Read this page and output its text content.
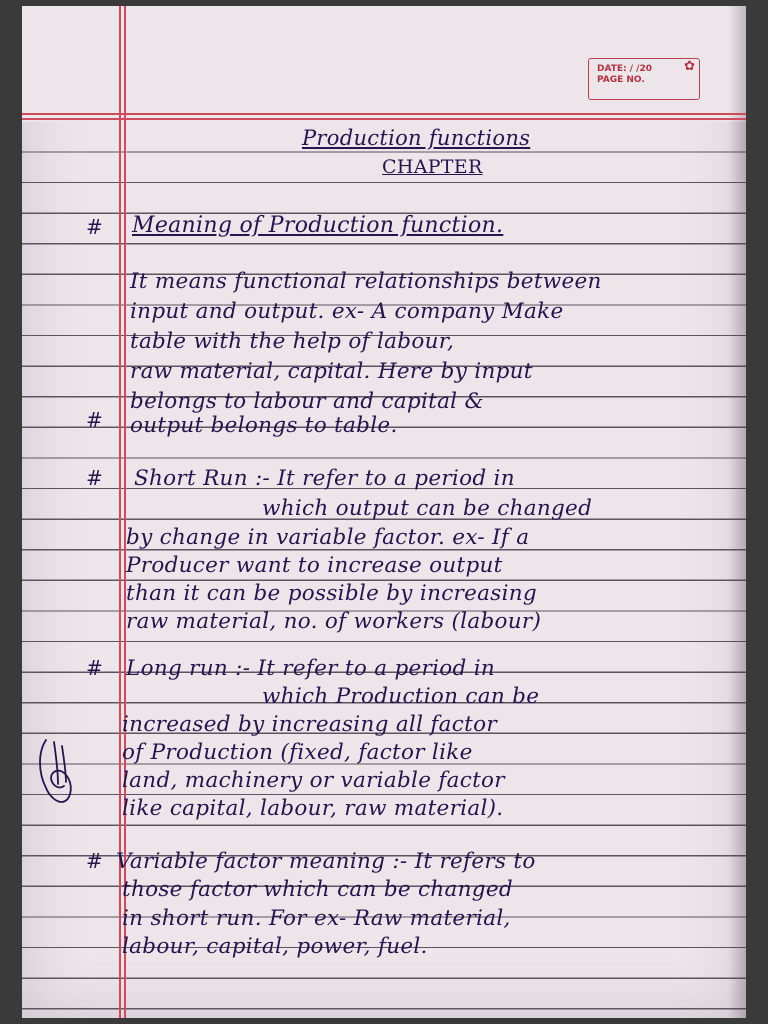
DATE: / /20
PAGE NO.
✿
Production functions
CHAPTER
#
#
#
#
#
Meaning of Production function.
It means functional relationships between
input and output. ex- A company Make
table with the help of labour,
raw material, capital. Here by input
belongs to labour and capital &
output belongs to table.
Short Run :- It refer to a period in
which output can be changed
by change in variable factor. ex- If a
Producer want to increase output
than it can be possible by increasing
raw material, no. of workers (labour)
Long run :- It refer to a period in
which Production can be
increased by increasing all factor
of Production (fixed, factor like
land, machinery or variable factor
like capital, labour, raw material).
Variable factor meaning :- It refers to
those factor which can be changed
in short run. For ex- Raw material,
labour, capital, power, fuel.
